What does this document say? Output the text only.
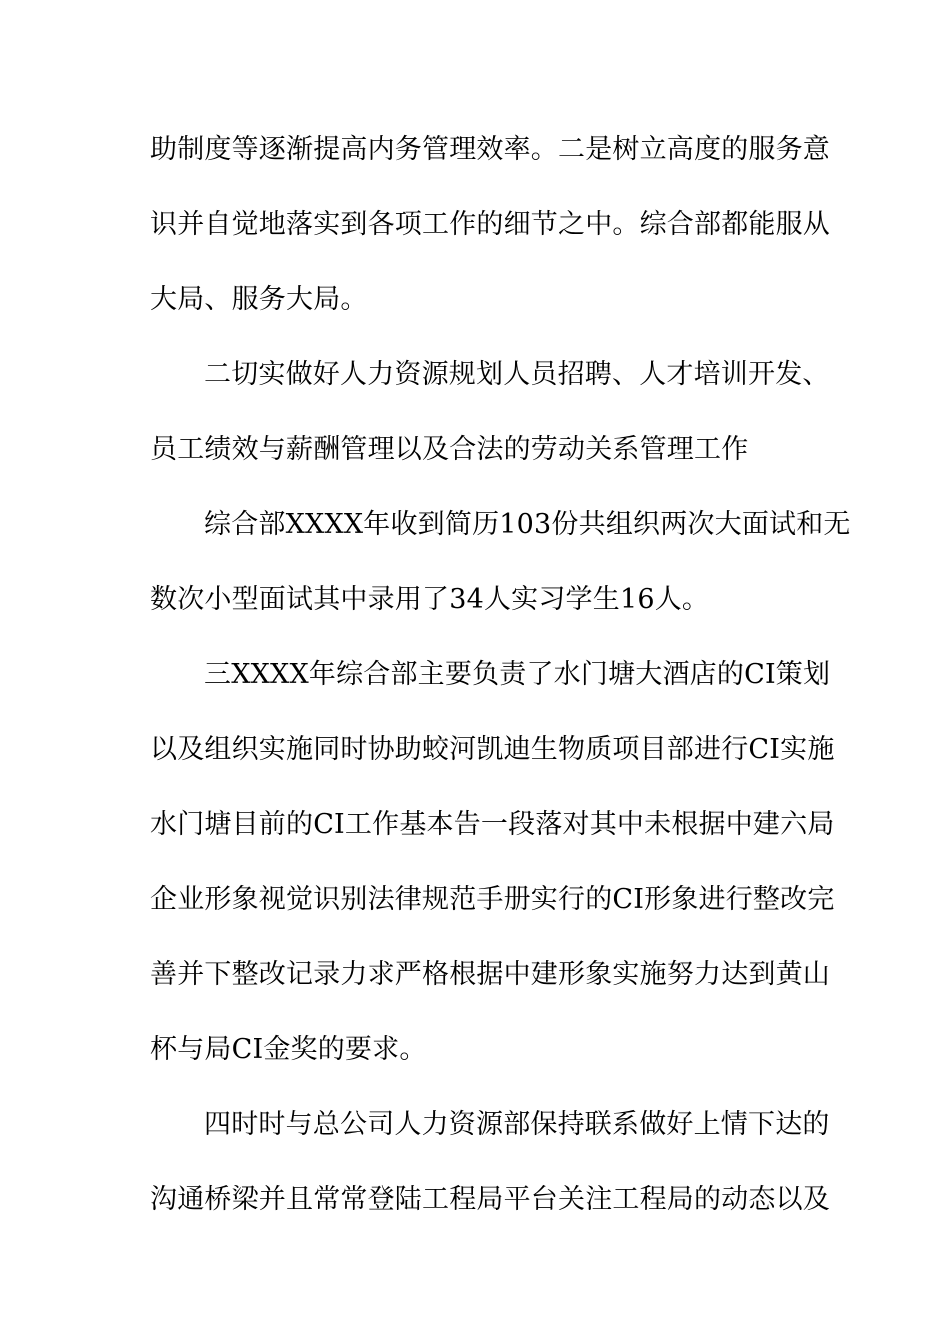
助制度等逐渐提高内务管理效率。二是树立高度的服务意
识并自觉地落实到各项工作的细节之中。综合部都能服从
大局、服务大局。
二切实做好人力资源规划人员招聘、人才培训开发、
员工绩效与薪酬管理以及合法的劳动关系管理工作
综合部XXXX年收到简历103份共组织两次大面试和无
数次小型面试其中录用了34人实习学生16人。
三XXXX年综合部主要负责了水门塘大酒店的CI策划
以及组织实施同时协助蛟河凯迪生物质项目部进行CI实施
水门塘目前的CI工作基本告一段落对其中未根据中建六局
企业形象视觉识别法律规范手册实行的CI形象进行整改完
善并下整改记录力求严格根据中建形象实施努力达到黄山
杯与局CI金奖的要求。
四时时与总公司人力资源部保持联系做好上情下达的
沟通桥梁并且常常登陆工程局平台关注工程局的动态以及
